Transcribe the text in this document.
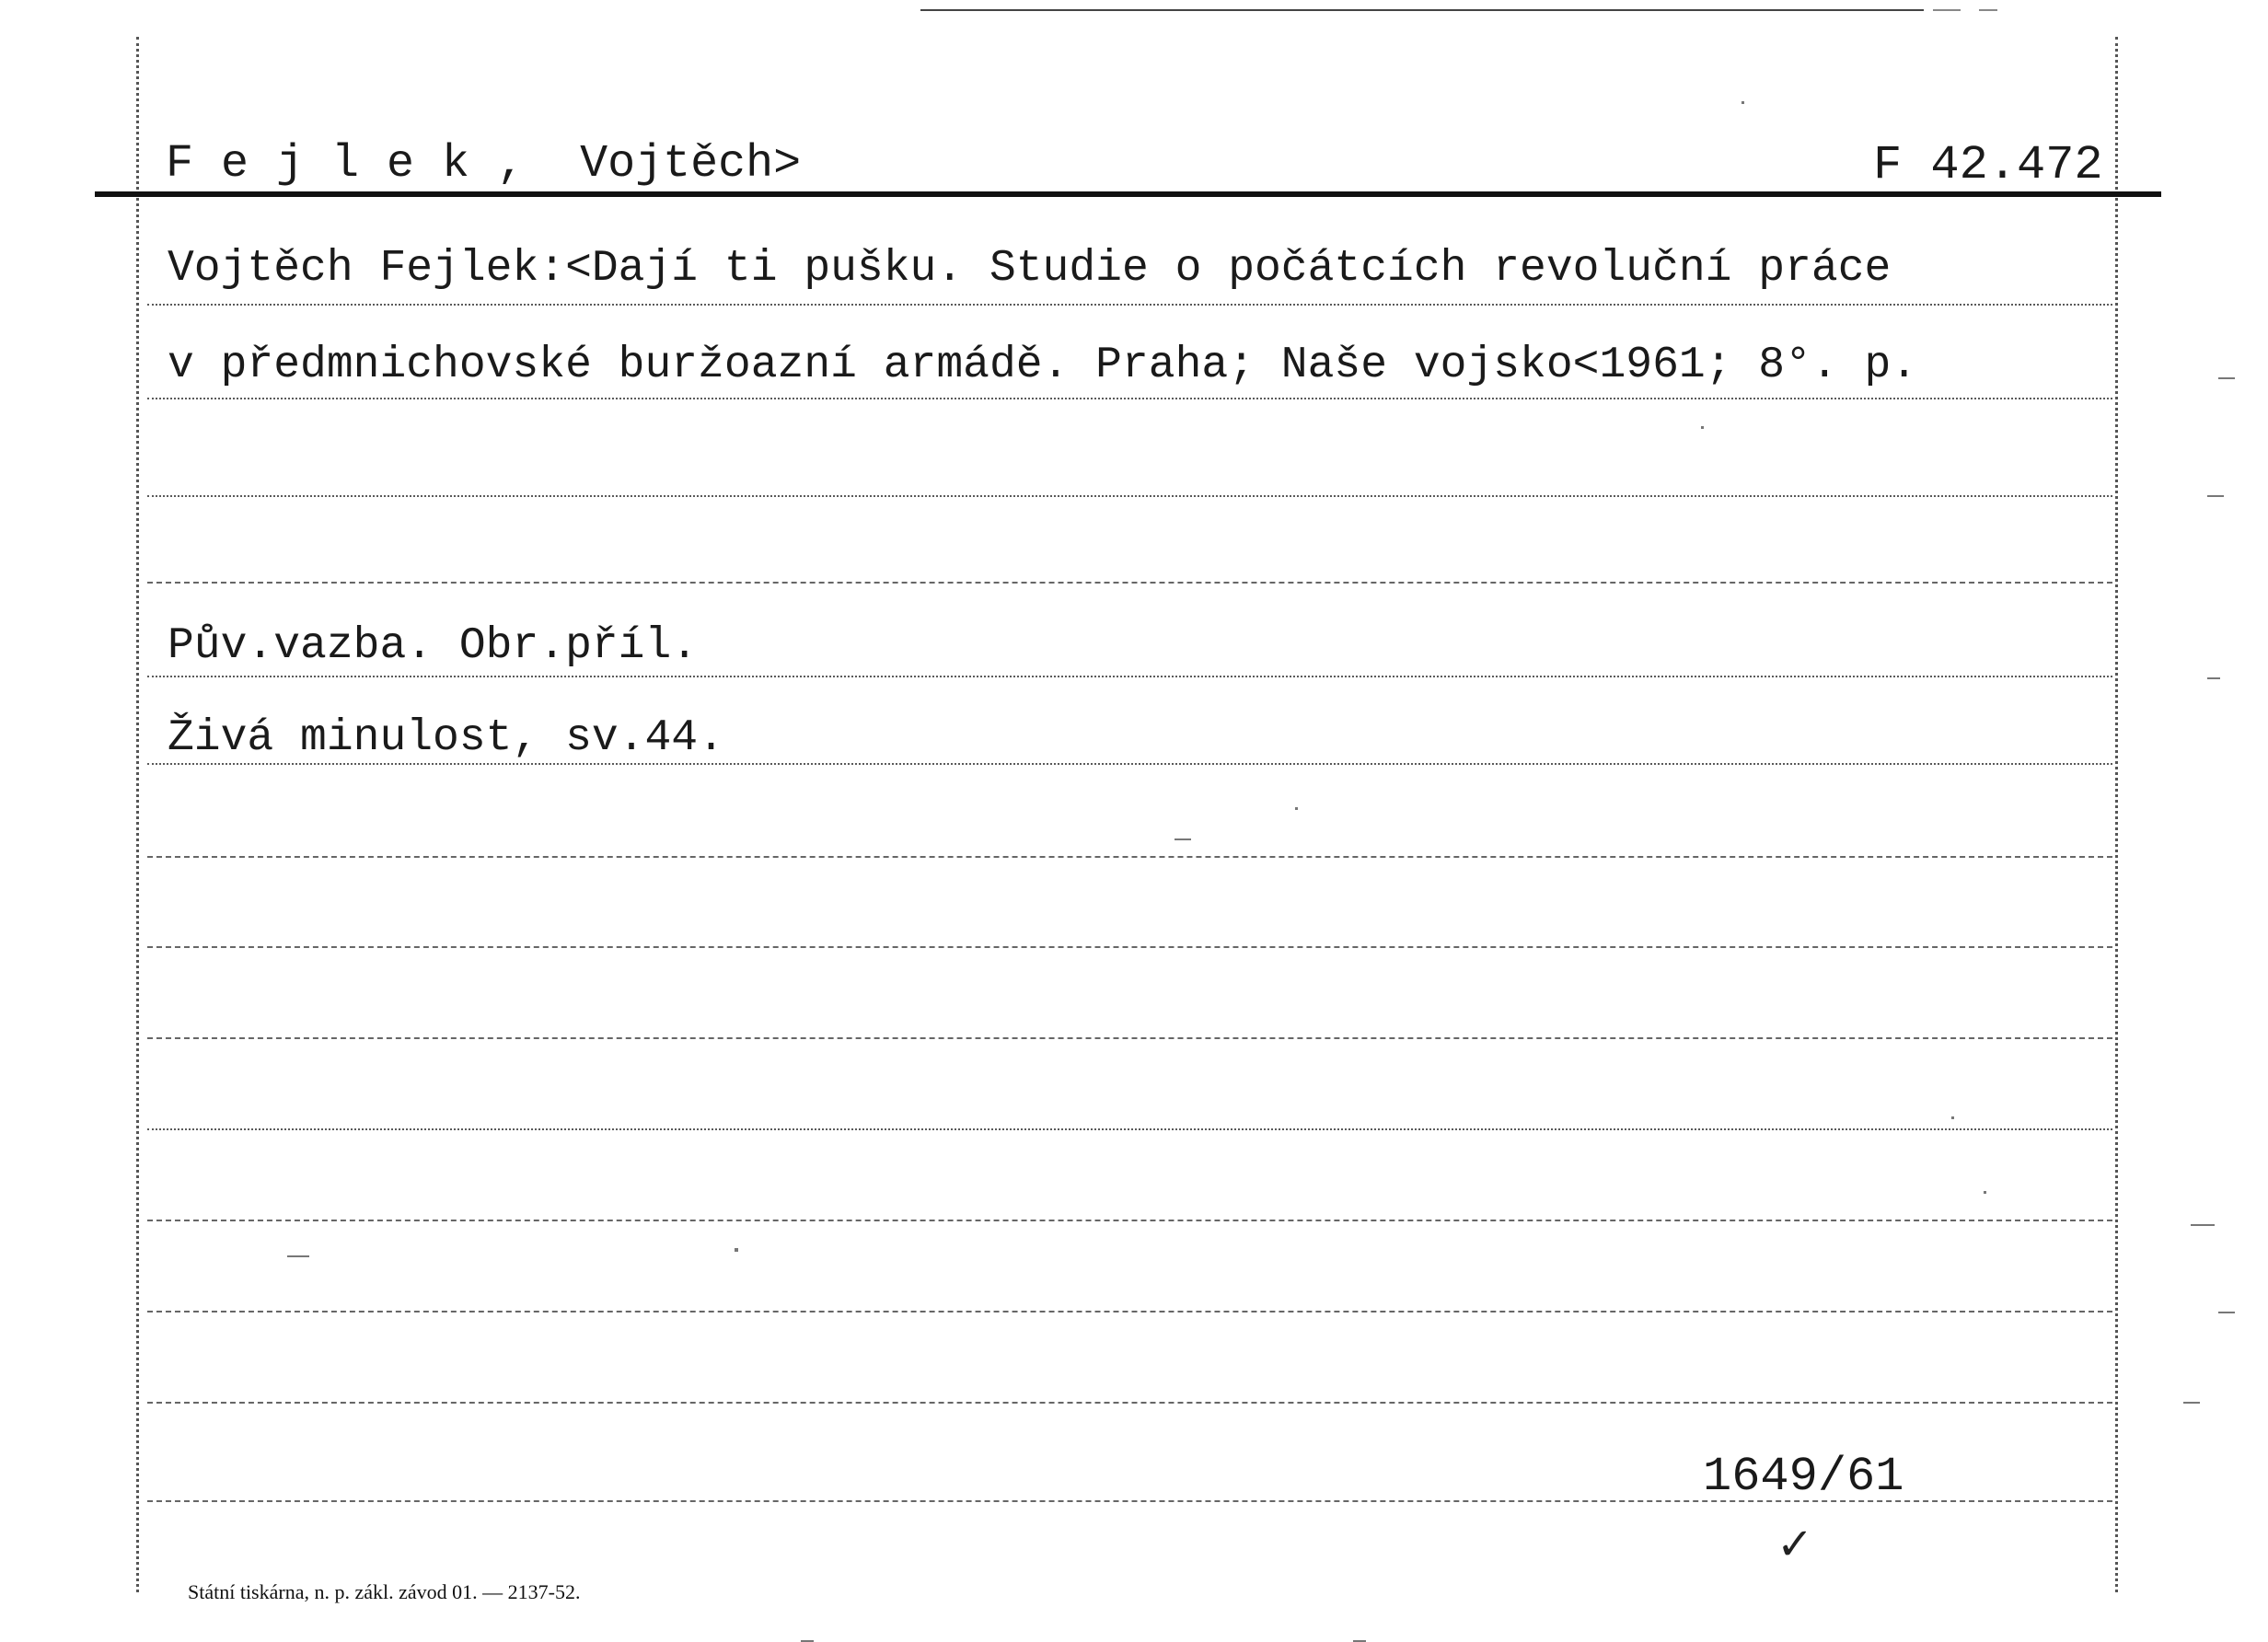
F e j l e k ,  Vojtěch>	F 42.472
Vojtěch Fejlek:<Dají ti pušku. Studie o počátcích revoluční práce
v předmnichovské buržoazní armádě. Praha; Naše vojsko<1961; 8°. p.
Pův.vazba. Obr.příl.
Živá minulost, sv.44.
1649/61
✓
Státní tiskárna, n. p. zákl. závod 01. — 2137-52.
